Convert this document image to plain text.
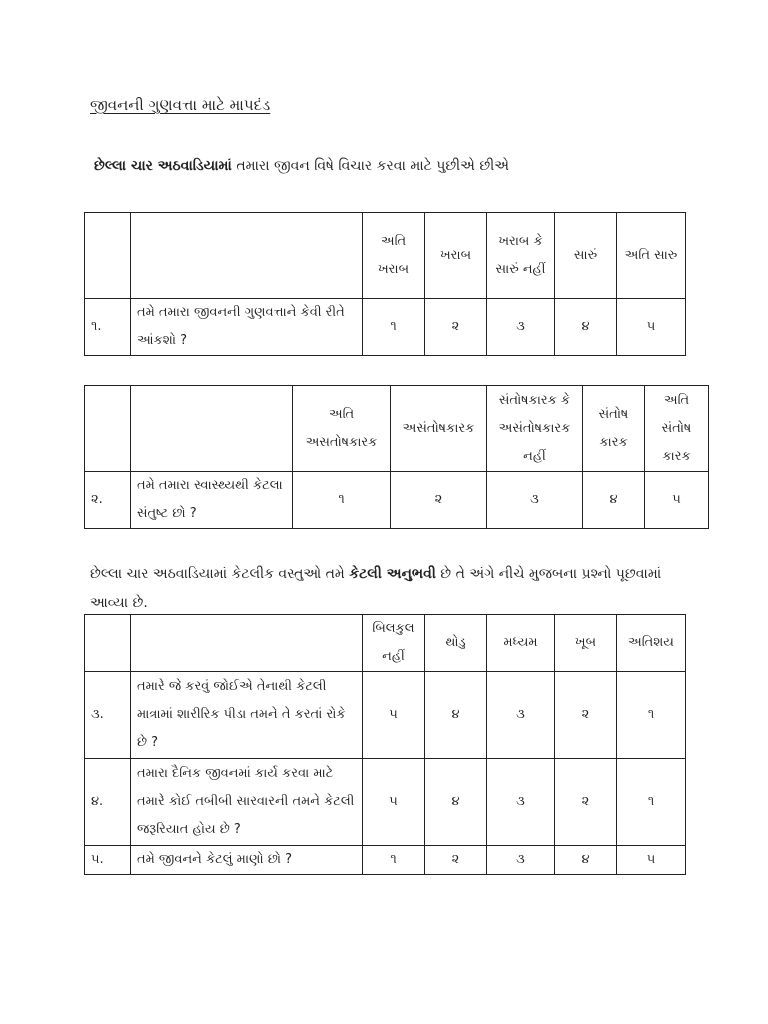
જીવનની ગુણવત્તા માટે માપદંડ
છેલ્લા ચાર અઠવાડિયામાં તમારા જીવન વિષે વિચાર કરવા માટે પુછીએ છીએ
		અતિ ખરાબ	ખરાબ	ખરાબ કે સારું નહીં	સારું	અતિ સારુ
૧.	તમે તમારા જીવનની ગુણવત્તાને કેવી રીતે આંકશો ?	૧	૨	૩	૪	૫
		અતિ અસતોષકારક	અસંતોષકારક	સંતોષકારક કે અસંતોષકારક નહીં	સંતોષ કારક	અતિ સંતોષ કારક
૨.	તમે તમારા સ્વાસ્થ્યથી કેટલા સંતુષ્ટ છો ?	૧	૨	૩	૪	૫
છેલ્લા ચાર અઠવાડિયામાં કેટલીક વસ્તુઓ તમે કેટલી અનુભવી છે તે અંગે નીચે મુજબના પ્રશ્નો પૂછવામાં આવ્યા છે.
		બિલકુલ નહીં	થોડુ	મધ્યમ	ખૂબ	અતિશય
૩.	તમારે જે કરવું જોઈએ તેનાથી કેટલી માત્રામાં શારીરિક પીડા તમને તે કરતાં રોકે છે ?	૫	૪	૩	૨	૧
૪.	તમારા દૈનિક જીવનમાં કાર્ય કરવા માટે તમારે કોઈ તબીબી સારવારની તમને કેટલી જરૂરિયાત હોય છે ?	૫	૪	૩	૨	૧
૫.	તમે જીવનને કેટલું માણો છો ?	૧	૨	૩	૪	૫
